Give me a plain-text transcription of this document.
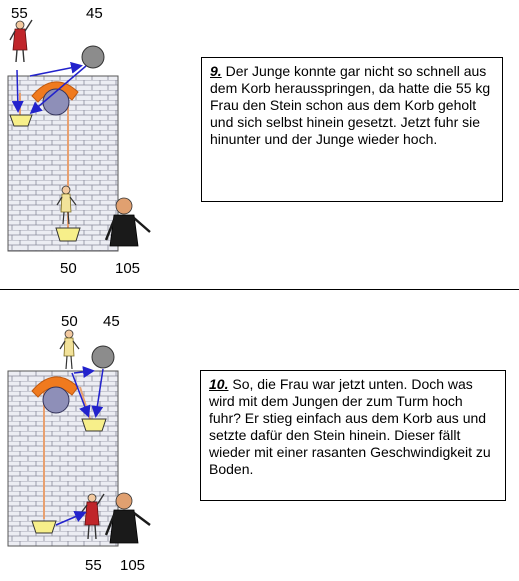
55	45
50	105
9. Der Junge konnte gar nicht so schnell aus dem Korb herausspringen, da hatte die 55 kg Frau den Stein schon aus dem Korb geholt und sich selbst hinein gesetzt. Jetzt fuhr sie hinunter und der Junge wieder hoch.
50 45
55 105
10. So, die Frau war jetzt unten. Doch was wird mit dem Jungen der zum Turm hoch fuhr? Er stieg einfach aus dem Korb aus und setzte dafür den Stein hinein. Dieser fällt wieder mit einer rasanten Geschwindigkeit zu Boden.
